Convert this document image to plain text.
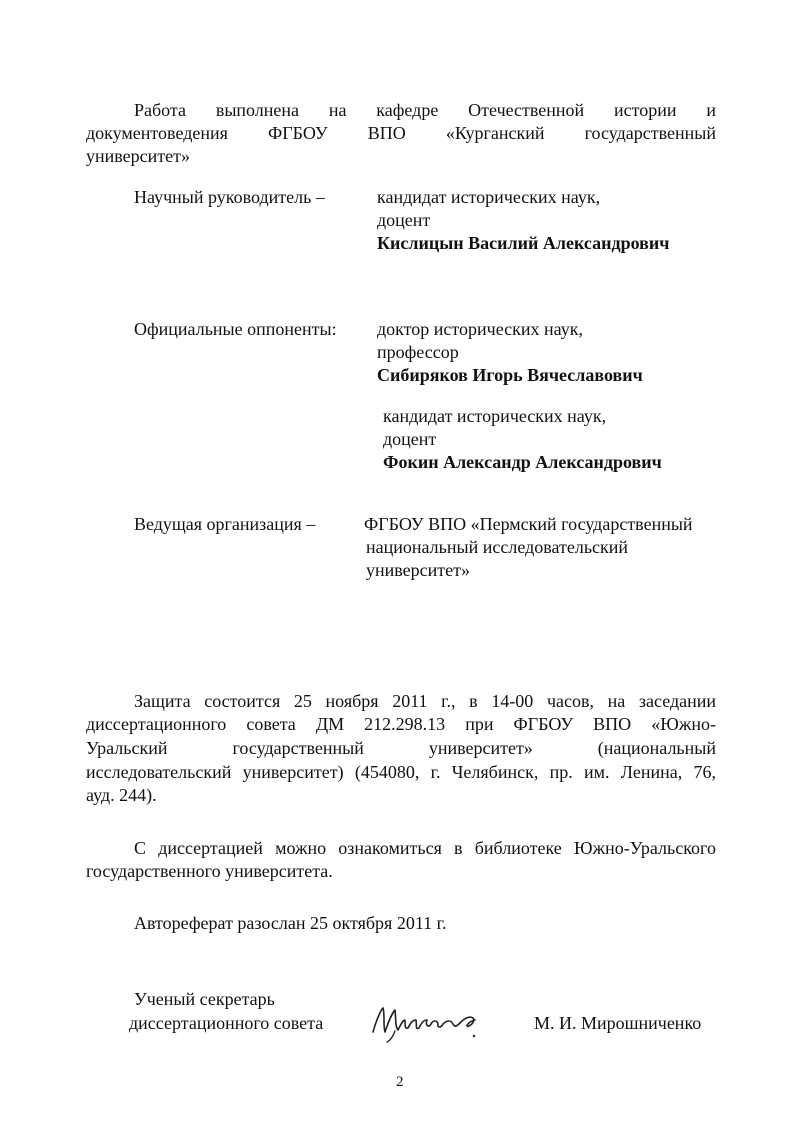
Работа выполнена на кафедре Отечественной истории и

документоведения ФГБОУ ВПО «Курганский государственный

университет»

Научный руководитель –	кандидат исторических наук,

доцент

Кислицын Василий Александрович

Официальные оппоненты: доктор исторических наук,

профессор

Сибиряков Игорь Вячеславович

кандидат исторических наук,

доцент

Фокин Александр Александрович

Ведущая организация –	ФГБОУ ВПО «Пермский государственный

национальный исследовательский

университет»

Защита состоится 25 ноября 2011 г., в 14-00 часов, на заседании

диссертационного совета ДМ 212.298.13 при ФГБОУ ВПО «Южно-

Уральский государственный университет» (национальный

исследовательский университет) (454080, г. Челябинск, пр. им. Ленина, 76,

ауд. 244).

С диссертацией можно ознакомиться в библиотеке Южно-Уральского

государственного университета.

Автореферат разослан 25 октября 2011 г.

Ученый секретарь

диссертационного совета	М. И. Мирошниченко

2
